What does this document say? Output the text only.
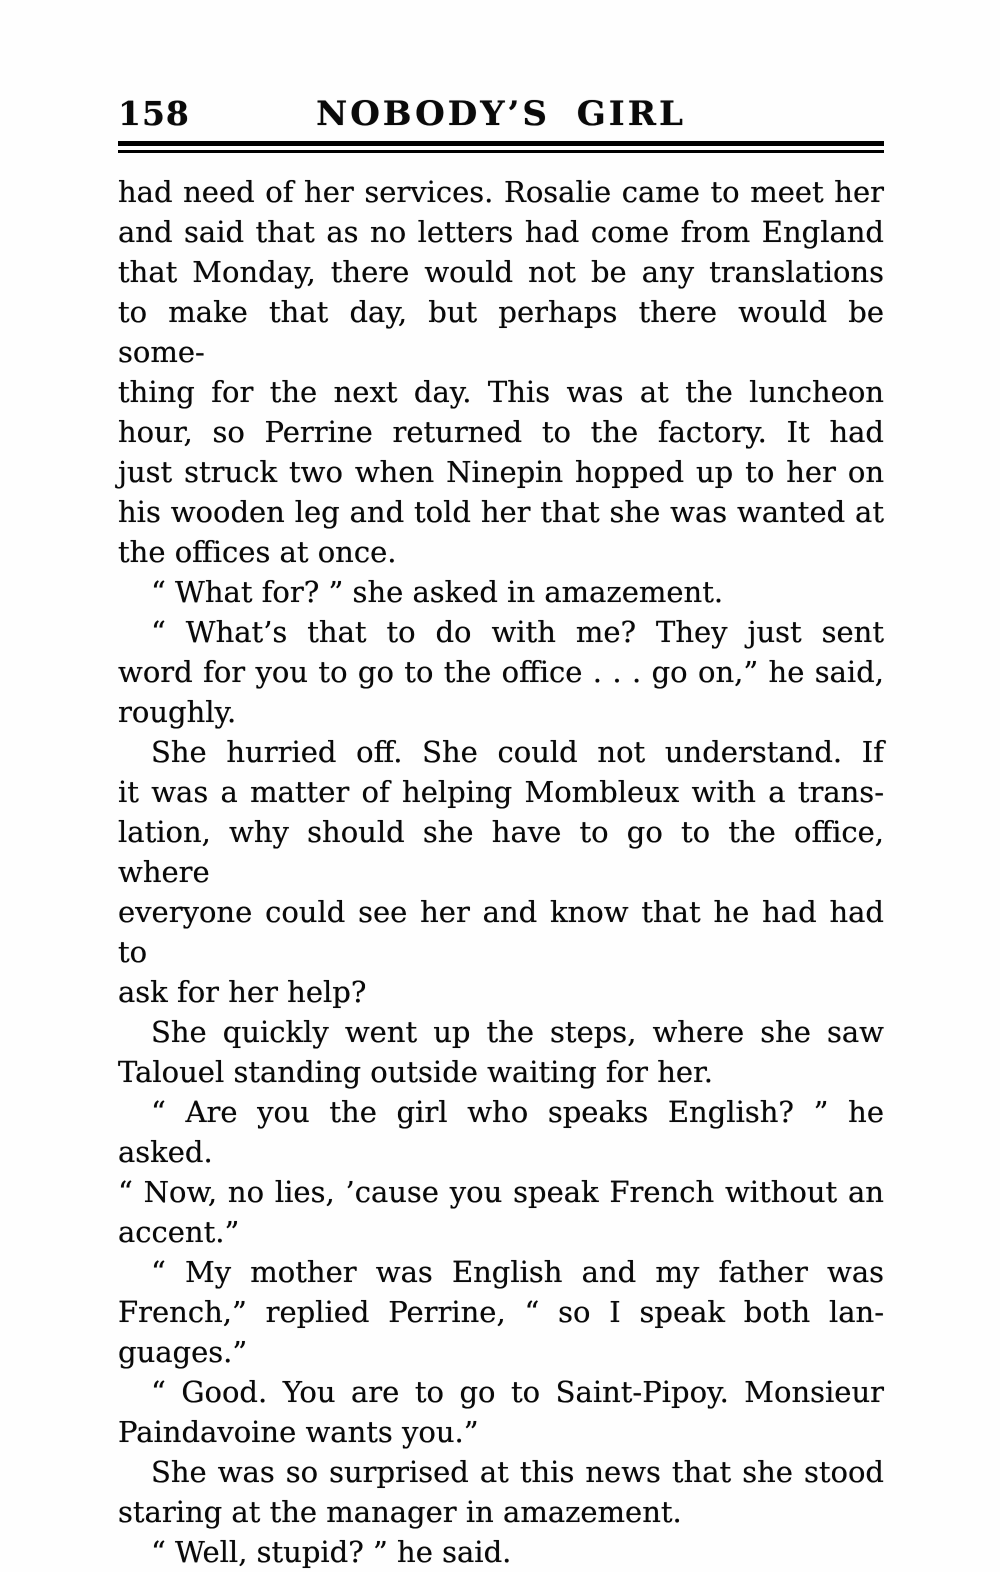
158	NOBODY’S GIRL
had need of her services. Rosalie came to meet her
and said that as no letters had come from England
that Monday, there would not be any translations
to make that day, but perhaps there would be some-
thing for the next day. This was at the luncheon
hour, so Perrine returned to the factory. It had
just struck two when Ninepin hopped up to her on
his wooden leg and told her that she was wanted at
the offices at once.
“ What for? ” she asked in amazement.
“ What’s that to do with me? They just sent
word for you to go to the office . . . go on,” he said,
roughly.
She hurried off. She could not understand. If
it was a matter of helping Mombleux with a trans-
lation, why should she have to go to the office, where
everyone could see her and know that he had had to
ask for her help?
She quickly went up the steps, where she saw
Talouel standing outside waiting for her.
“ Are you the girl who speaks English? ” he asked.
“ Now, no lies, ’cause you speak French without an
accent.”
“ My mother was English and my father was
French,” replied Perrine, “ so I speak both lan-
guages.”
“ Good. You are to go to Saint-Pipoy. Monsieur
Paindavoine wants you.”
She was so surprised at this news that she stood
staring at the manager in amazement.
“ Well, stupid? ” he said.
